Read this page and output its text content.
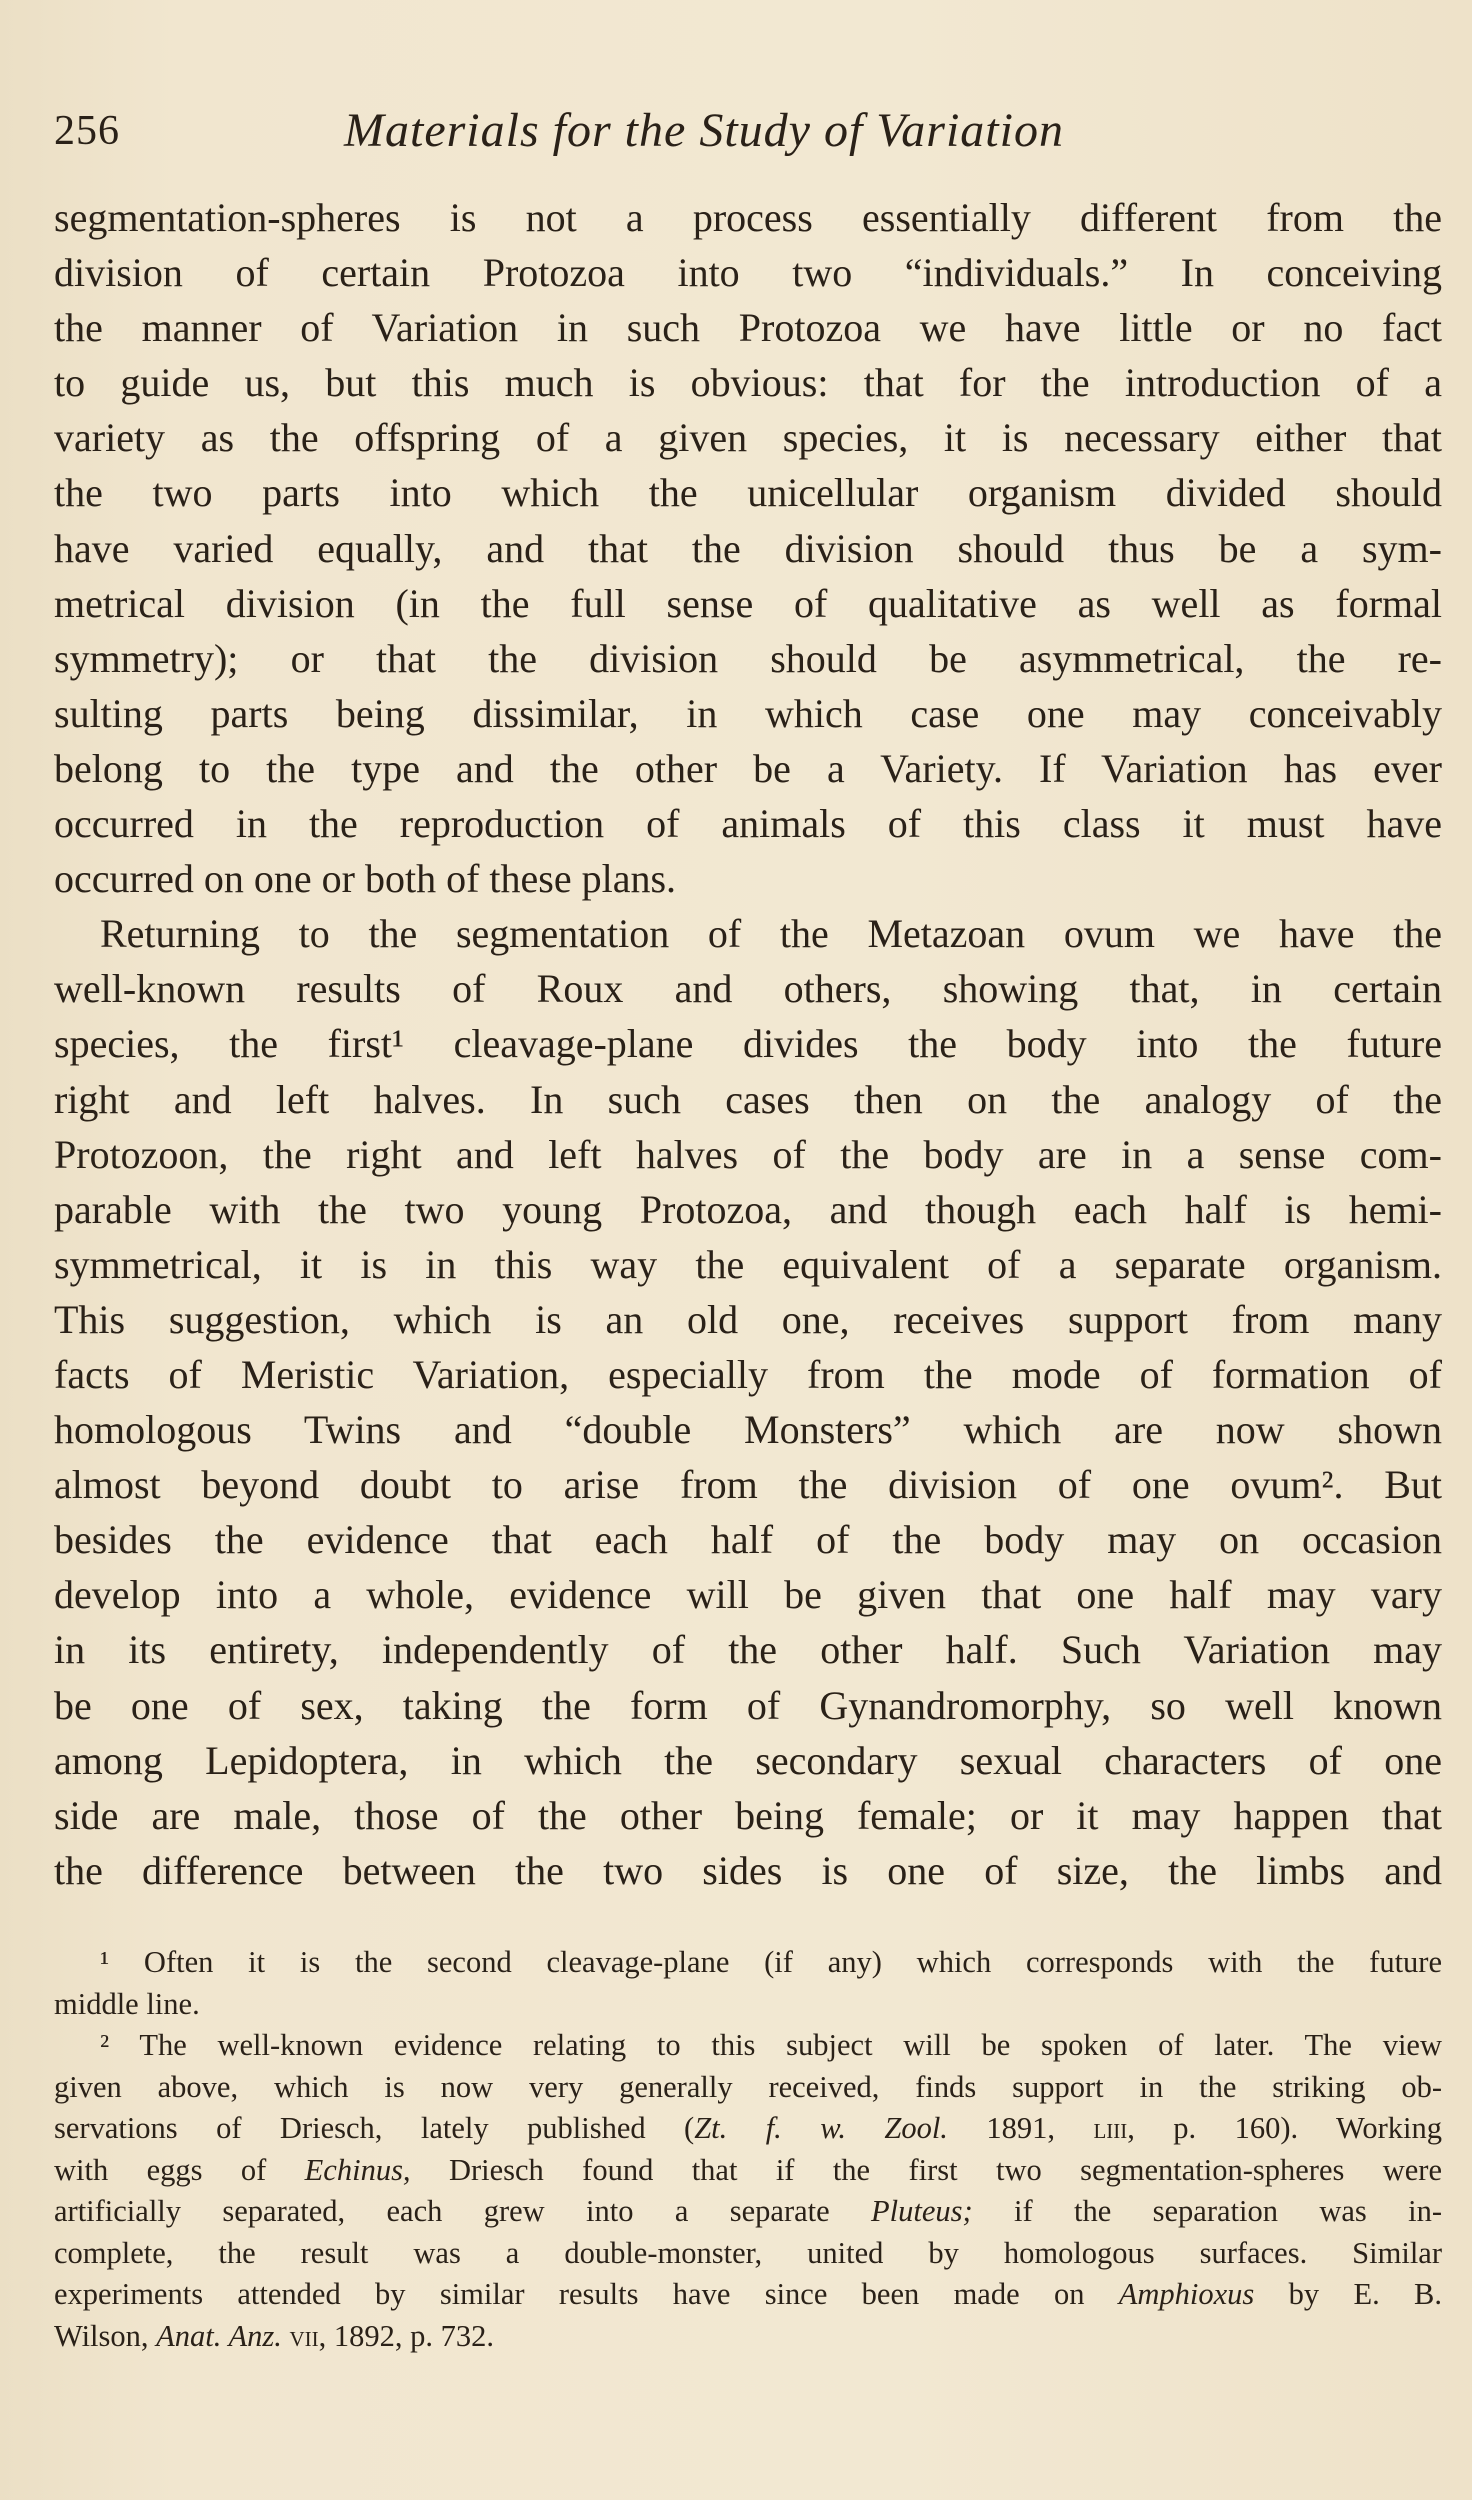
256	Materials for the Study of Variation
segmentation-spheres is not a process essentially different from the
division of certain Protozoa into two “individuals.” In conceiving
the manner of Variation in such Protozoa we have little or no fact
to guide us, but this much is obvious: that for the introduction of a
variety as the offspring of a given species, it is necessary either that
the two parts into which the unicellular organism divided should
have varied equally, and that the division should thus be a sym-
metrical division (in the full sense of qualitative as well as formal
symmetry); or that the division should be asymmetrical, the re-
sulting parts being dissimilar, in which case one may conceivably
belong to the type and the other be a Variety. If Variation has ever
occurred in the reproduction of animals of this class it must have
occurred on one or both of these plans.
Returning to the segmentation of the Metazoan ovum we have the
well-known results of Roux and others, showing that, in certain
species, the first¹ cleavage-plane divides the body into the future
right and left halves. In such cases then on the analogy of the
Protozoon, the right and left halves of the body are in a sense com-
parable with the two young Protozoa, and though each half is hemi-
symmetrical, it is in this way the equivalent of a separate organism.
This suggestion, which is an old one, receives support from many
facts of Meristic Variation, especially from the mode of formation of
homologous Twins and “double Monsters” which are now shown
almost beyond doubt to arise from the division of one ovum². But
besides the evidence that each half of the body may on occasion
develop into a whole, evidence will be given that one half may vary
in its entirety, independently of the other half. Such Variation may
be one of sex, taking the form of Gynandromorphy, so well known
among Lepidoptera, in which the secondary sexual characters of one
side are male, those of the other being female; or it may happen that
the difference between the two sides is one of size, the limbs and
¹ Often it is the second cleavage-plane (if any) which corresponds with the future
middle line.
² The well-known evidence relating to this subject will be spoken of later. The view
given above, which is now very generally received, finds support in the striking ob-
servations of Driesch, lately published (Zt. f. w. Zool. 1891, liii, p. 160). Working
with eggs of Echinus, Driesch found that if the first two segmentation-spheres were
artificially separated, each grew into a separate Pluteus; if the separation was in-
complete, the result was a double-monster, united by homologous surfaces. Similar
experiments attended by similar results have since been made on Amphioxus by E. B.
Wilson, Anat. Anz. vii, 1892, p. 732.
